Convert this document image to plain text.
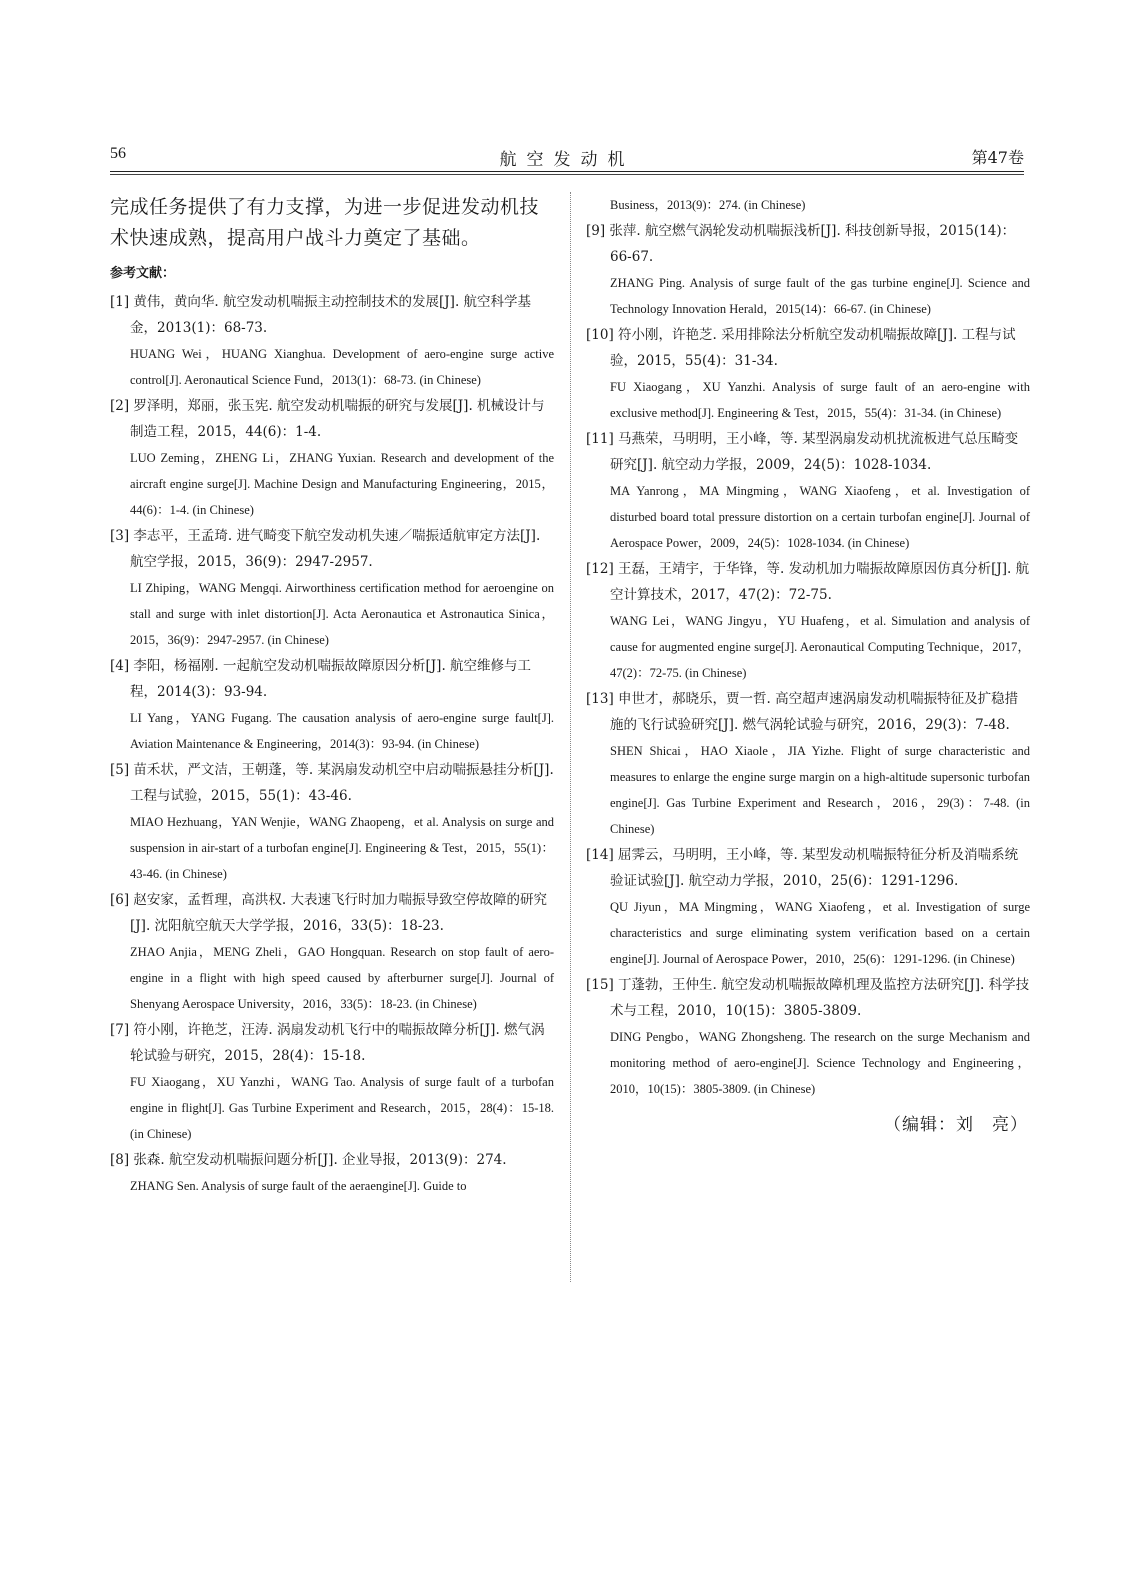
56	航空发动机	第47卷

完成任务提供了有力支撑，为进一步促进发动机技术快速成熟，提高用户战斗力奠定了基础。

参考文献：
[1] 黄伟，黄向华. 航空发动机喘振主动控制技术的发展[J]. 航空科学基金，2013(1)：68-73.
HUANG Wei，HUANG Xianghua. Development of aero-engine surge active control[J]. Aeronautical Science Fund，2013(1)：68-73. (in Chinese)
[2] 罗泽明，郑丽，张玉宪. 航空发动机喘振的研究与发展[J]. 机械设计与制造工程，2015，44(6)：1-4.
LUO Zeming，ZHENG Li，ZHANG Yuxian. Research and development of the aircraft engine surge[J]. Machine Design and Manufacturing Engineering，2015，44(6)：1-4. (in Chinese)
[3] 李志平，王孟琦. 进气畸变下航空发动机失速／喘振适航审定方法[J]. 航空学报，2015，36(9)：2947-2957.
LI Zhiping，WANG Mengqi. Airworthiness certification method for aeroengine on stall and surge with inlet distortion[J]. Acta Aeronautica et Astronautica Sinica，2015，36(9)：2947-2957. (in Chinese)
[4] 李阳，杨福刚. 一起航空发动机喘振故障原因分析[J]. 航空维修与工程，2014(3)：93-94.
LI Yang，YANG Fugang. The causation analysis of aero-engine surge fault[J]. Aviation Maintenance & Engineering，2014(3)：93-94. (in Chinese)
[5] 苗禾状，严文洁，王朝蓬，等. 某涡扇发动机空中启动喘振悬挂分析[J]. 工程与试验，2015，55(1)：43-46.
MIAO Hezhuang，YAN Wenjie，WANG Zhaopeng，et al. Analysis on surge and suspension in air-start of a turbofan engine[J]. Engineering & Test，2015，55(1)：43-46. (in Chinese)
[6] 赵安家，孟哲理，高洪权. 大表速飞行时加力喘振导致空停故障的研究[J]. 沈阳航空航天大学学报，2016，33(5)：18-23.
ZHAO Anjia，MENG Zheli，GAO Hongquan. Research on stop fault of aero-engine in a flight with high speed caused by afterburner surge[J]. Journal of Shenyang Aerospace University，2016，33(5)：18-23. (in Chinese)
[7] 符小刚，许艳芝，汪涛. 涡扇发动机飞行中的喘振故障分析[J]. 燃气涡轮试验与研究，2015，28(4)：15-18.
FU Xiaogang，XU Yanzhi，WANG Tao. Analysis of surge fault of a turbofan engine in flight[J]. Gas Turbine Experiment and Research，2015，28(4)：15-18. (in Chinese)
[8] 张森. 航空发动机喘振问题分析[J]. 企业导报，2013(9)：274.
ZHANG Sen. Analysis of surge fault of the aeraengine[J]. Guide to
Business，2013(9)：274. (in Chinese)
[9] 张萍. 航空燃气涡轮发动机喘振浅析[J]. 科技创新导报，2015(14)：66-67.
ZHANG Ping. Analysis of surge fault of the gas turbine engine[J]. Science and Technology Innovation Herald，2015(14)：66-67. (in Chinese)
[10] 符小刚，许艳芝. 采用排除法分析航空发动机喘振故障[J]. 工程与试验，2015，55(4)：31-34.
FU Xiaogang，XU Yanzhi. Analysis of surge fault of an aero-engine with exclusive method[J]. Engineering & Test，2015，55(4)：31-34. (in Chinese)
[11] 马燕荣，马明明，王小峰，等. 某型涡扇发动机扰流板进气总压畸变研究[J]. 航空动力学报，2009，24(5)：1028-1034.
MA Yanrong，MA Mingming，WANG Xiaofeng，et al. Investigation of disturbed board total pressure distortion on a certain turbofan engine[J]. Journal of Aerospace Power，2009，24(5)：1028-1034. (in Chinese)
[12] 王磊，王靖宇，于华锋，等. 发动机加力喘振故障原因仿真分析[J]. 航空计算技术，2017，47(2)：72-75.
WANG Lei，WANG Jingyu，YU Huafeng，et al. Simulation and analysis of cause for augmented engine surge[J]. Aeronautical Computing Technique，2017，47(2)：72-75. (in Chinese)
[13] 申世才，郝晓乐，贾一哲. 高空超声速涡扇发动机喘振特征及扩稳措施的飞行试验研究[J]. 燃气涡轮试验与研究，2016，29(3)：7-48.
SHEN Shicai，HAO Xiaole，JIA Yizhe. Flight of surge characteristic and measures to enlarge the engine surge margin on a high-altitude supersonic turbofan engine[J]. Gas Turbine Experiment and Research，2016，29(3)：7-48. (in Chinese)
[14] 屈霁云，马明明，王小峰，等. 某型发动机喘振特征分析及消喘系统验证试验[J]. 航空动力学报，2010，25(6)：1291-1296.
QU Jiyun，MA Mingming，WANG Xiaofeng，et al. Investigation of surge characteristics and surge eliminating system verification based on a certain engine[J]. Journal of Aerospace Power，2010，25(6)：1291-1296. (in Chinese)
[15] 丁蓬勃，王仲生. 航空发动机喘振故障机理及监控方法研究[J]. 科学技术与工程，2010，10(15)：3805-3809.
DING Pengbo，WANG Zhongsheng. The research on the surge Mechanism and monitoring method of aero-engine[J]. Science Technology and Engineering，2010，10(15)：3805-3809. (in Chinese)
（编辑：刘　亮）
